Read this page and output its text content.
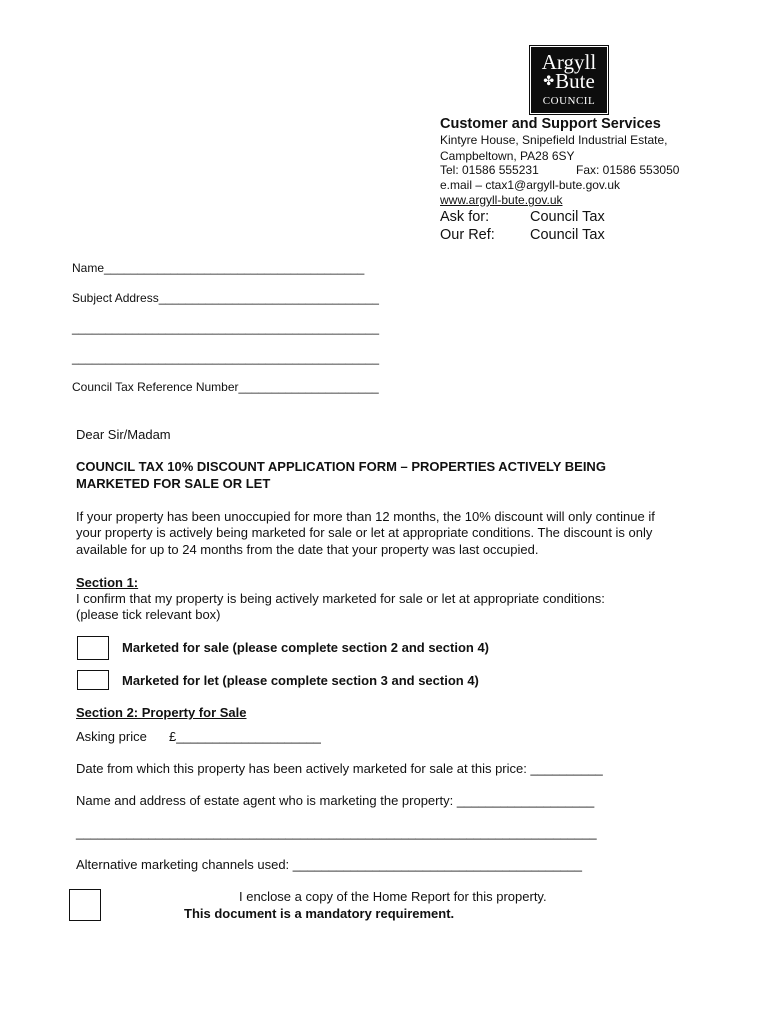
Argyll
✤Bute
COUNCIL
Customer and Support Services
Kintyre House, Snipefield Industrial Estate,
Campbeltown, PA28 6SY
Tel: 01586 555231	Fax: 01586 553050
e.mail – ctax1@argyll-bute.gov.uk
www.argyll-bute.gov.uk
Ask for:	Council Tax
Our Ref: Council Tax
Name_______________________________________
Subject Address_________________________________
______________________________________________
______________________________________________
Council Tax Reference Number_____________________
Dear Sir/Madam
COUNCIL TAX 10% DISCOUNT APPLICATION FORM – PROPERTIES ACTIVELY BEING
MARKETED FOR SALE OR LET
If your property has been unoccupied for more than 12 months, the 10% discount will only continue if
your property is actively being marketed for sale or let at appropriate conditions. The discount is only
available for up to 24 months from the date that your property was last occupied.
Section 1:
I confirm that my property is being actively marketed for sale or let at appropriate conditions:
(please tick relevant box)
Marketed for sale (please complete section 2 and section 4)
Marketed for let (please complete section 3 and section 4)
Section 2: Property for Sale
Asking price £____________________
Date from which this property has been actively marketed for sale at this price: __________
Name and address of estate agent who is marketing the property: ___________________
________________________________________________________________________
Alternative marketing channels used: ________________________________________
I enclose a copy of the Home Report for this property.
This document is a mandatory requirement.
